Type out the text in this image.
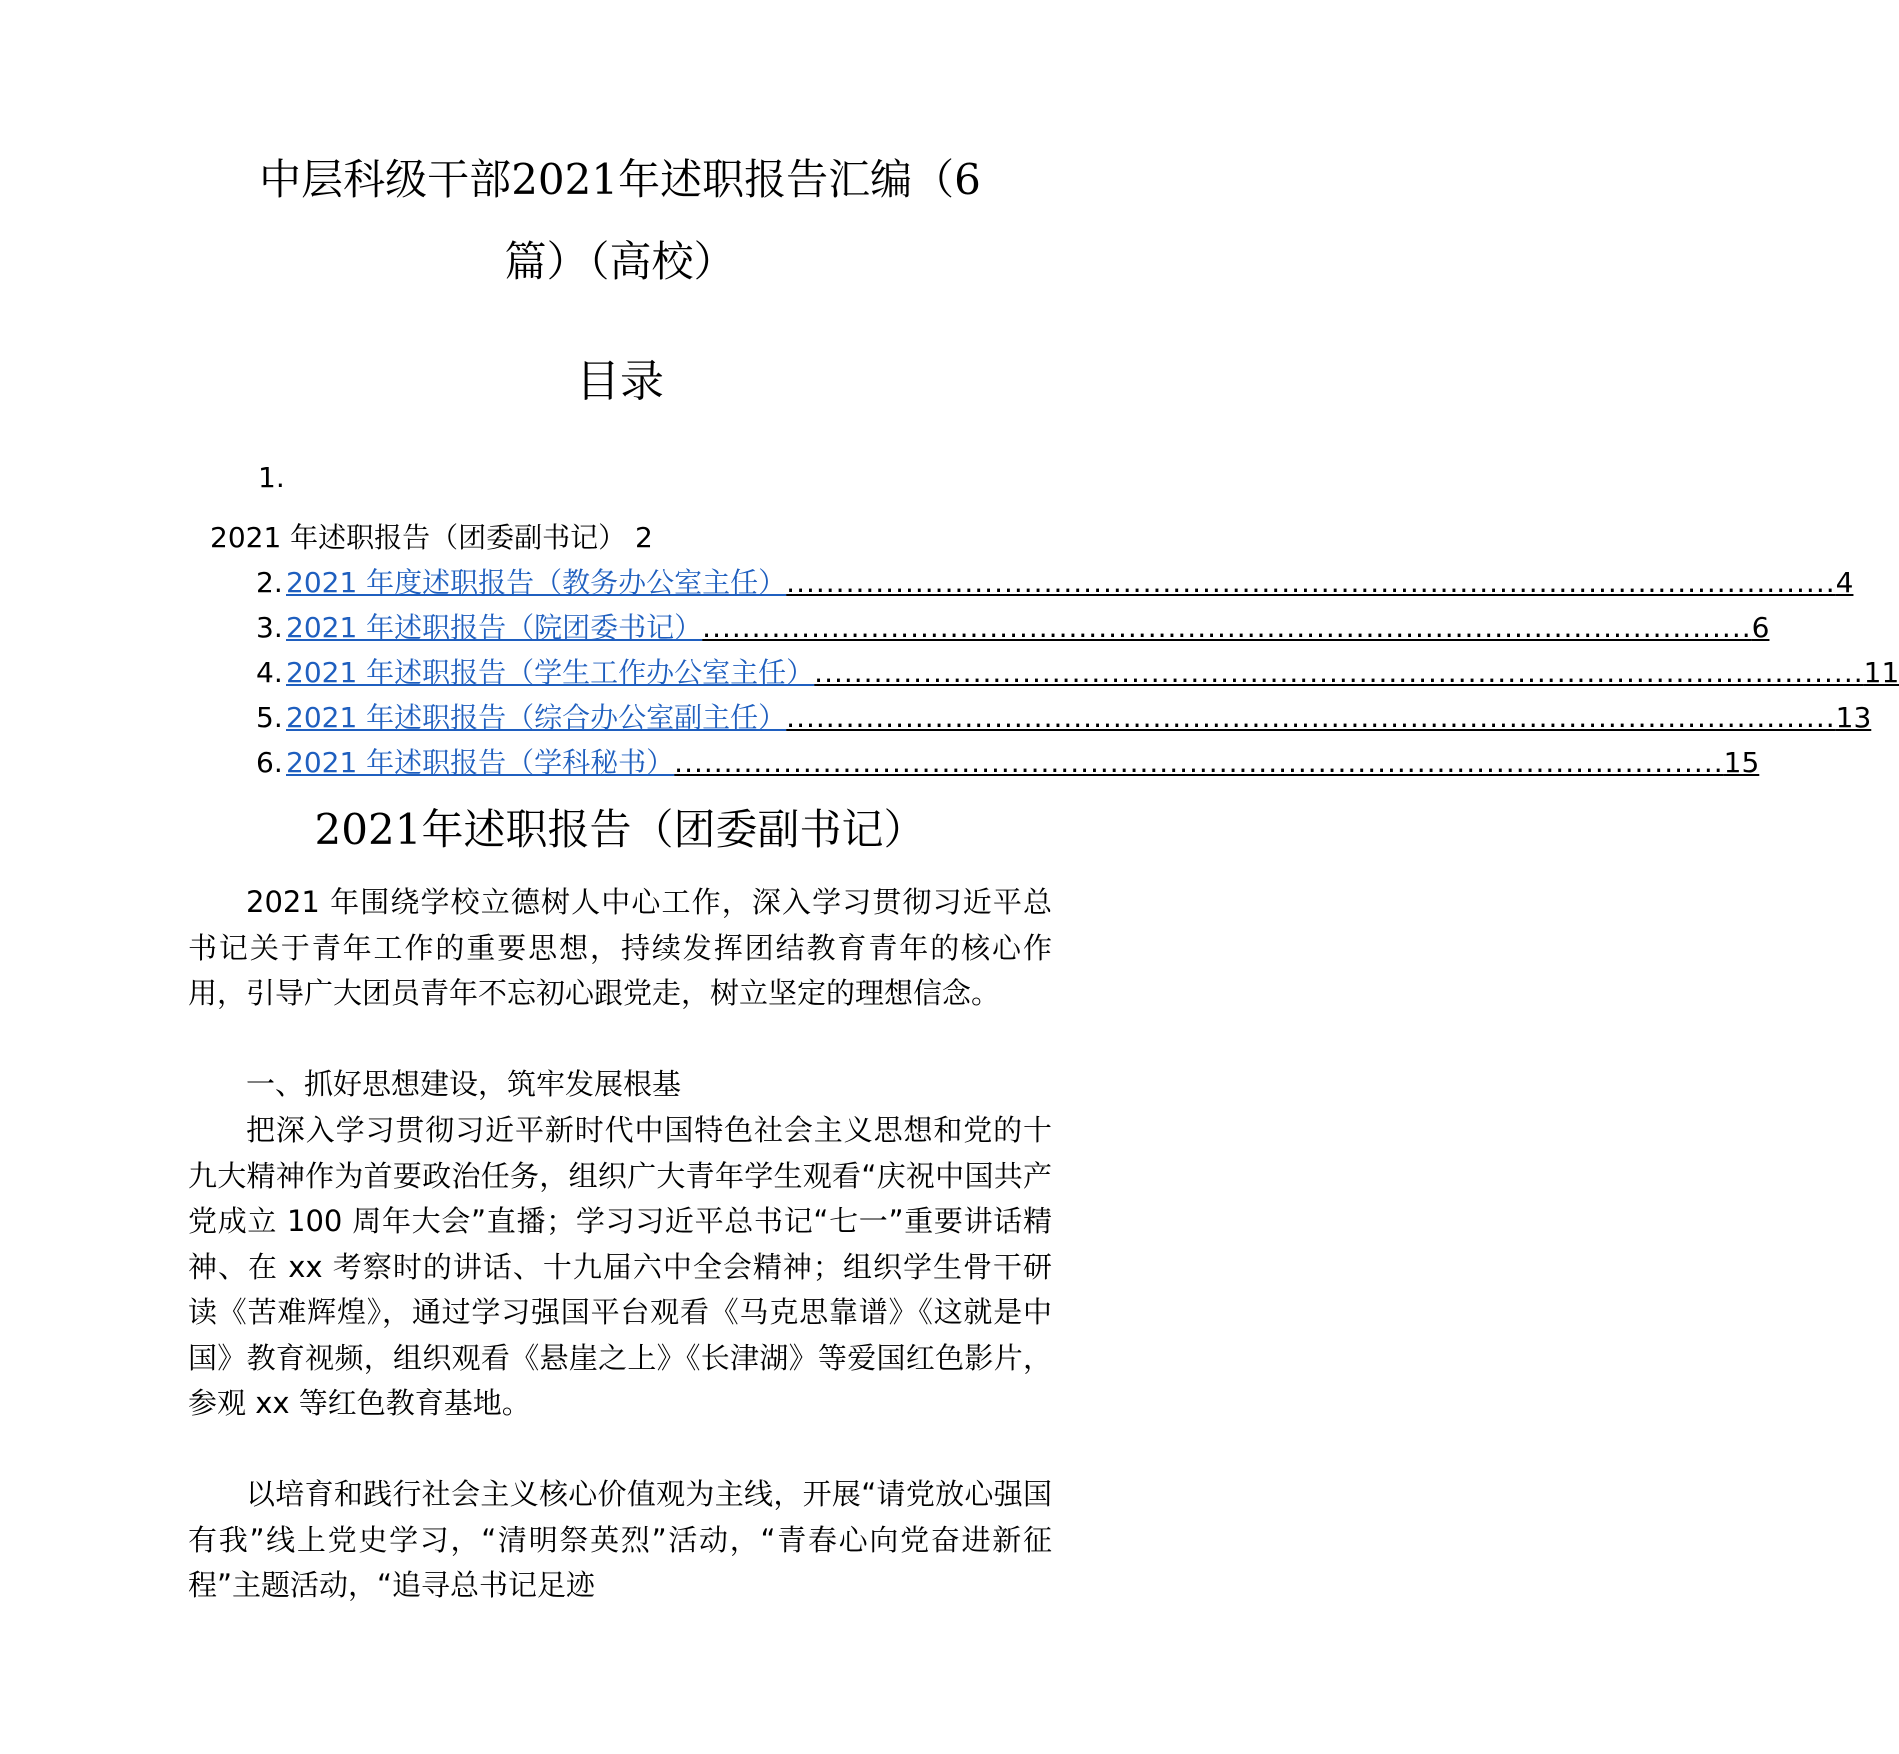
中层科级干部2021年述职报告汇编（6
篇）（高校）
目录
1.
2021 年述职报告（团委副书记） 2
2. 2021 年度述职报告（教务办公室主任） .......................................................................................................... 4
3. 2021 年述职报告（院团委书记） .......................................................................................................... 6
4. 2021 年述职报告（学生工作办公室主任） .......................................................................................................... 11
5. 2021 年述职报告（综合办公室副主任） .......................................................................................................... 13
6. 2021 年述职报告（学科秘书） .......................................................................................................... 15
2021年述职报告（团委副书记）
2021 年围绕学校立德树人中心工作，深入学习贯彻习近平总书记关于青年工作的重要思想，持续发挥团结教育青年的核心作用，引导广大团员青年不忘初心跟党走，树立坚定的理想信念。
一、抓好思想建设，筑牢发展根基
把深入学习贯彻习近平新时代中国特色社会主义思想和党的十九大精神作为首要政治任务，组织广大青年学生观看“庆祝中国共产党成立 100 周年大会”直播；学习习近平总书记“七一”重要讲话精神、在 xx 考察时的讲话、十九届六中全会精神；组织学生骨干研读《苦难辉煌》，通过学习强国平台观看《马克思靠谱》《这就是中国》教育视频，组织观看《悬崖之上》《长津湖》等爱国红色影片，参观 xx 等红色教育基地。
以培育和践行社会主义核心价值观为主线，开展“请党放心强国有我”线上党史学习，“清明祭英烈”活动，“青春心向党奋进新征程”主题活动，“追寻总书记足迹
